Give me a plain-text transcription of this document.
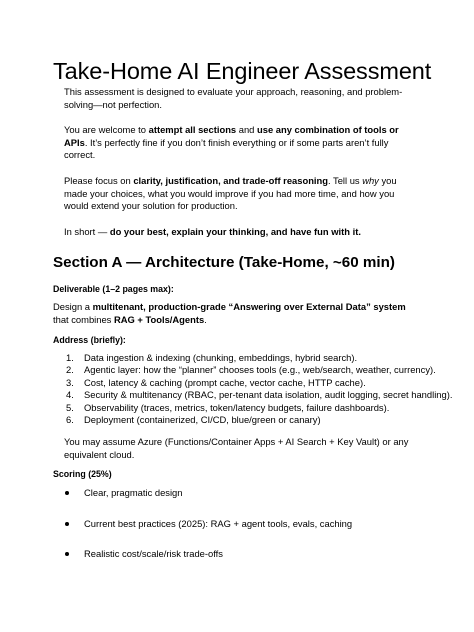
Take-Home AI Engineer Assessment

This assessment is designed to evaluate your approach, reasoning, and problem-solving—not perfection.

You are welcome to attempt all sections and use any combination of tools or APIs. It’s perfectly fine if you don’t finish everything or if some parts aren’t fully correct.

Please focus on clarity, justification, and trade-off reasoning. Tell us why you made your choices, what you would improve if you had more time, and how you would extend your solution for production.

In short — do your best, explain your thinking, and have fun with it.

Section A — Architecture (Take-Home, ~60 min)
Deliverable (1–2 pages max):
Design a multitenant, production-grade “Answering over External Data” system that combines RAG + Tools/Agents.
Address (briefly):
1. Data ingestion & indexing (chunking, embeddings, hybrid search).
2. Agentic layer: how the “planner” chooses tools (e.g., web/search, weather, currency).
3. Cost, latency & caching (prompt cache, vector cache, HTTP cache).
4. Security & multitenancy (RBAC, per-tenant data isolation, audit logging, secret handling).
5. Observability (traces, metrics, token/latency budgets, failure dashboards).
6. Deployment (containerized, CI/CD, blue/green or canary)
You may assume Azure (Functions/Container Apps + AI Search + Key Vault) or any equivalent cloud.
Scoring (25%)
Clear, pragmatic design
Current best practices (2025): RAG + agent tools, evals, caching
Realistic cost/scale/risk trade-offs
